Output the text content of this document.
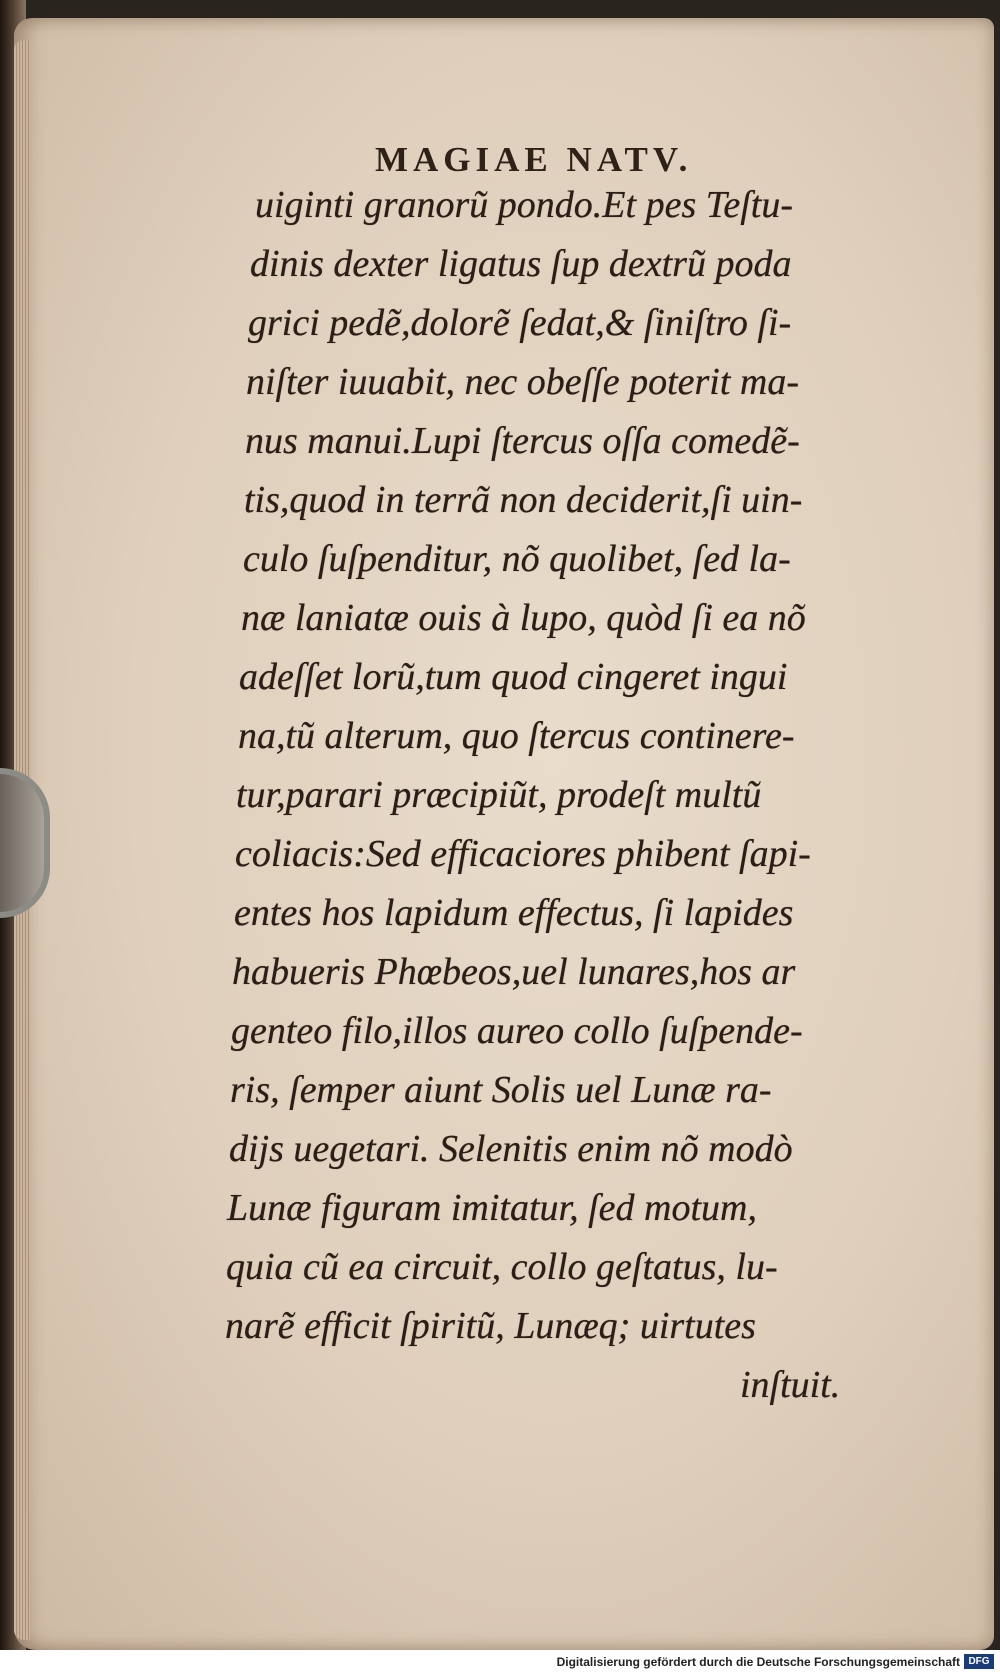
MAGIAE NATV.
uiginti granorũ pondo.Et pes Teſtu-
dinis dexter ligatus ſup dextrũ poda
grici pedẽ,dolorẽ ſedat,& ſiniſtro ſi-
niſter iuuabit, nec obeſſe poterit ma-
nus manui.Lupi ſtercus oſſa comedẽ-
tis,quod in terrã non deciderit,ſi uin-
culo ſuſpenditur, nõ quolibet, ſed la-
næ laniatæ ouis à lupo, quòd ſi ea nõ
adeſſet lorũ,tum quod cingeret ingui
na,tũ alterum, quo ſtercus continere-
tur,parari præcipiũt, prodeſt multũ
coliacis:Sed efficaciores phibent ſapi-
entes hos lapidum effectus, ſi lapides
habueris Phœbeos,uel lunares,hos ar
genteo filo,illos aureo collo ſuſpende-
ris, ſemper aiunt Solis uel Lunæ ra-
dijs uegetari. Selenitis enim nõ modò
Lunæ figuram imitatur, ſed motum,
quia cũ ea circuit, collo geſtatus, lu-
narẽ efficit ſpiritũ, Lunæq; uirtutes
inſtuit.
Digitalisierung gefördert durch die Deutsche Forschungsgemeinschaft DFG
